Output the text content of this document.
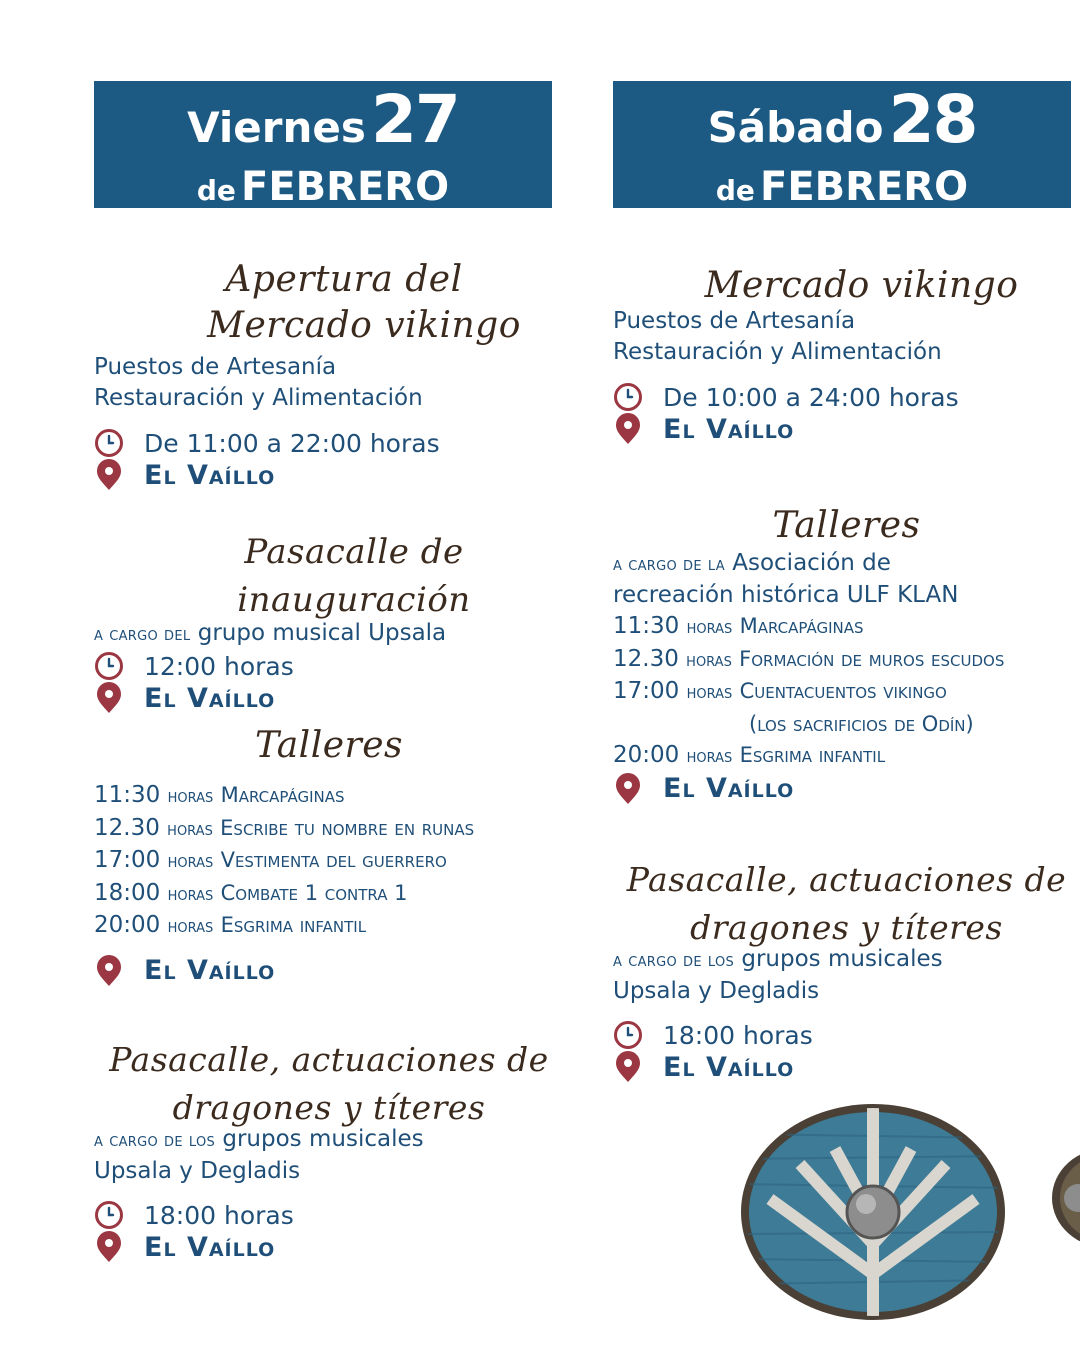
Viernes 27
de FEBRERO

Apertura del

Mercado vikingo

Puestos de Artesanía

Restauración y Alimentación

De 11:00 a 22:00 horas
El Vaíllo

Pasacalle de inauguración

a cargo del grupo musical Upsala

12:00 horas
El Vaíllo

Talleres

11:30 horas Marcapáginas

12.30 horas Escribe tu nombre en runas

17:00 horas Vestimenta del guerrero

18:00 horas Combate 1 contra 1

20:00 horas Esgrima infantil

El Vaíllo

Pasacalle, actuaciones de

dragones y títeres

a cargo de los grupos musicales

Upsala y Degladis

18:00 horas
El Vaíllo
Sábado 28
de FEBRERO

Mercado vikingo

Puestos de Artesanía

Restauración y Alimentación

De 10:00 a 24:00 horas
El Vaíllo

Talleres

a cargo de la Asociación de

recreación histórica ULF KLAN

11:30 horas Marcapáginas

12.30 horas Formación de muros escudos

17:00 horas Cuentacuentos vikingo

(los sacrificios de Odín)

20:00 horas Esgrima infantil

El Vaíllo

Pasacalle, actuaciones de

dragones y títeres

a cargo de los grupos musicales

Upsala y Degladis

18:00 horas
El Vaíllo
